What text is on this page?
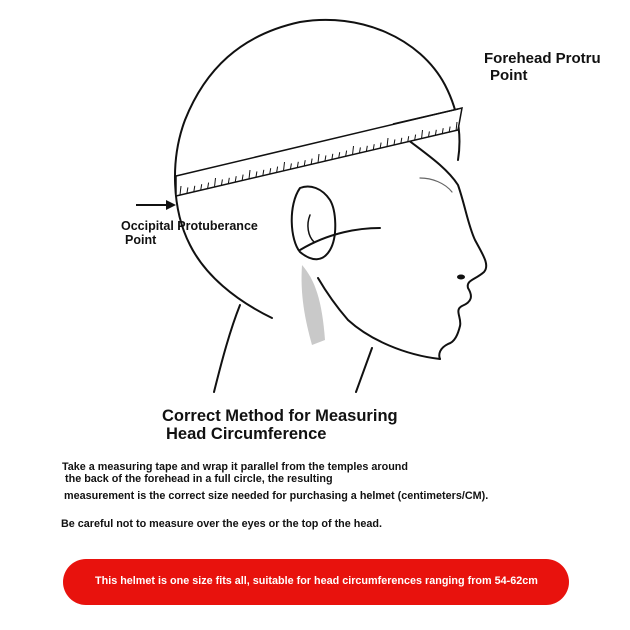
Forehead Protru
Point
Occipital Protuberance
Point
Correct Method for Measuring
Head Circumference
Take a measuring tape and wrap it parallel from the temples around
the back of the forehead in a full circle, the resulting
measurement is the correct size needed for purchasing a helmet (centimeters/CM).
Be careful not to measure over the eyes or the top of the head.
This helmet is one size fits all, suitable for head circumferences ranging from 54-62cm
